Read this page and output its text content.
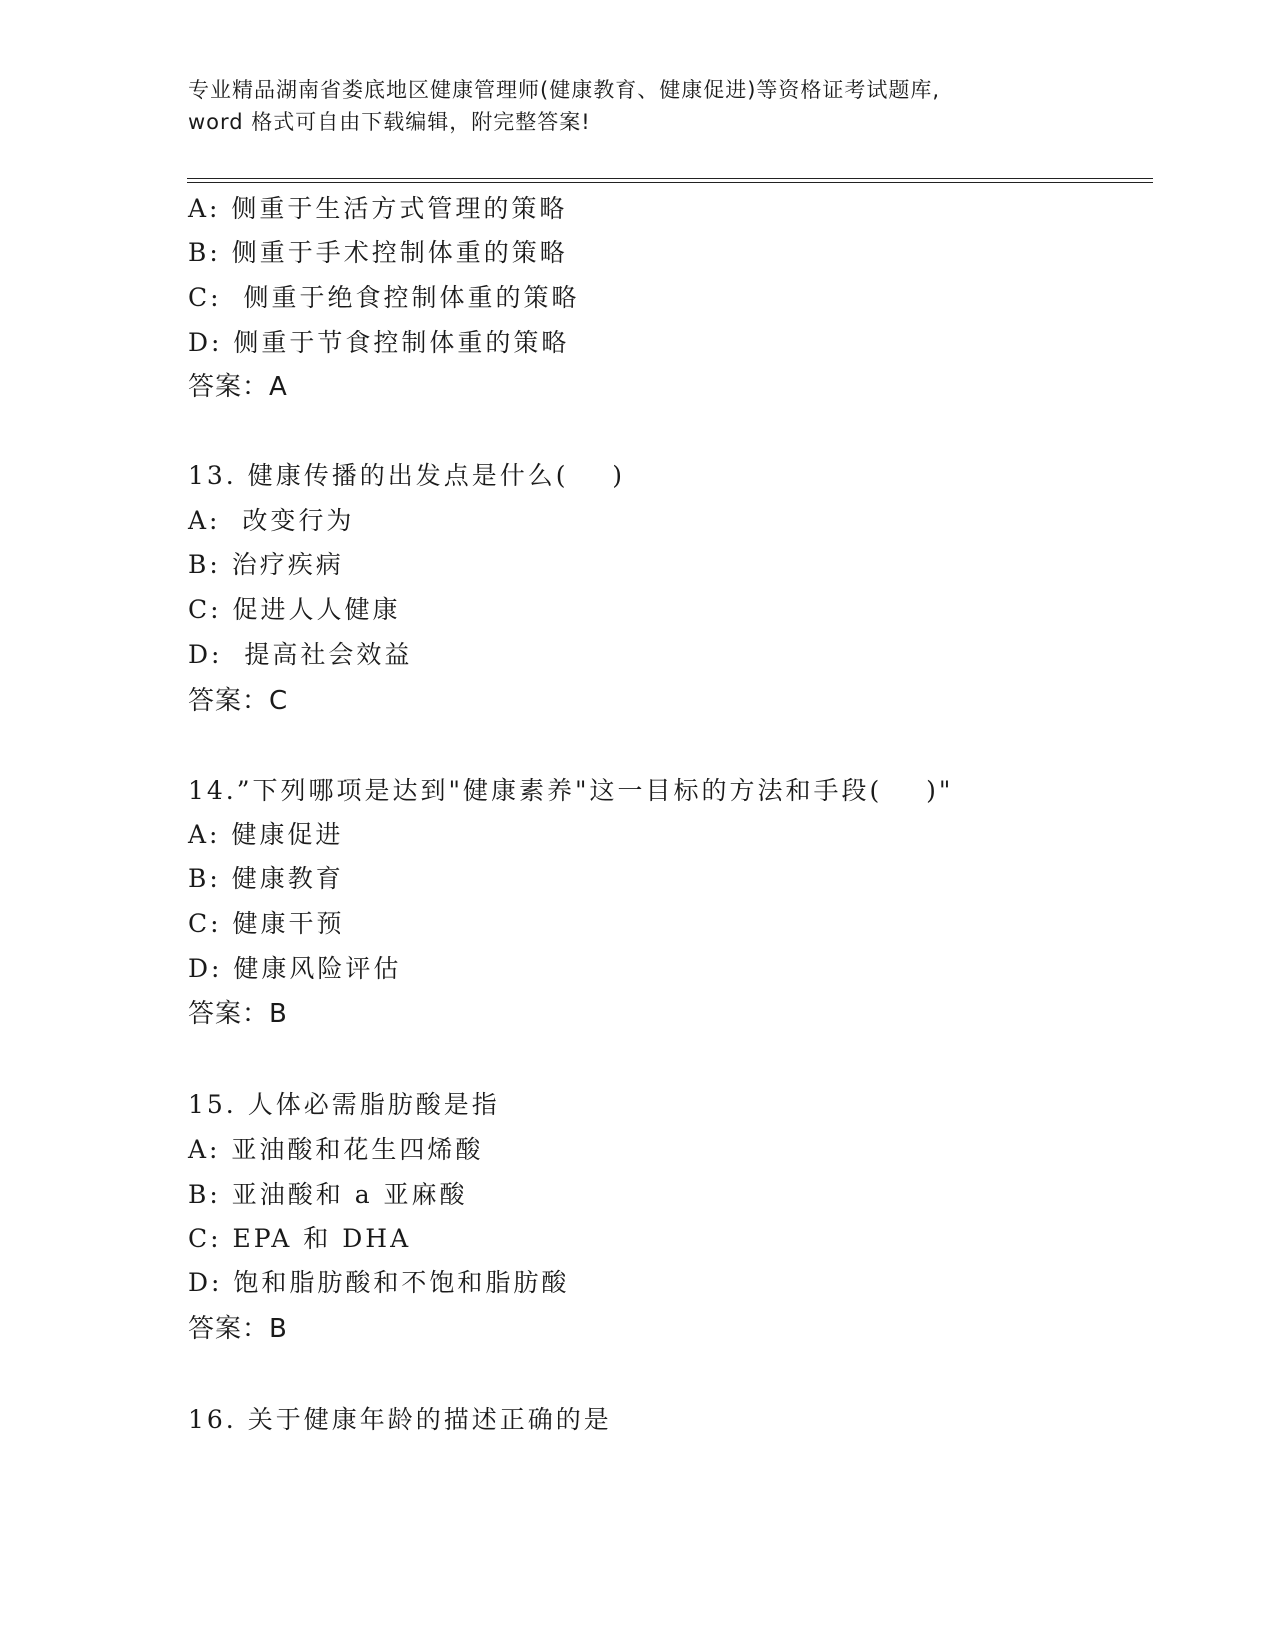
专业精品湖南省娄底地区健康管理师(健康教育、健康促进)等资格证考试题库,
word 格式可自由下载编辑，附完整答案!
A: 侧重于生活方式管理的策略
B: 侧重于手术控制体重的策略
C:  侧重于绝食控制体重的策略
D: 侧重于节食控制体重的策略
答案：A
13. 健康传播的出发点是什么(    )
A:  改变行为
B: 治疗疾病
C: 促进人人健康
D:  提高社会效益
答案：C
14.”下列哪项是达到"健康素养"这一目标的方法和手段(    )"
A: 健康促进
B: 健康教育
C: 健康干预
D: 健康风险评估
答案：B
15. 人体必需脂肪酸是指
A: 亚油酸和花生四烯酸
B: 亚油酸和 a 亚麻酸
C: EPA 和 DHA
D: 饱和脂肪酸和不饱和脂肪酸
答案：B
16. 关于健康年龄的描述正确的是
